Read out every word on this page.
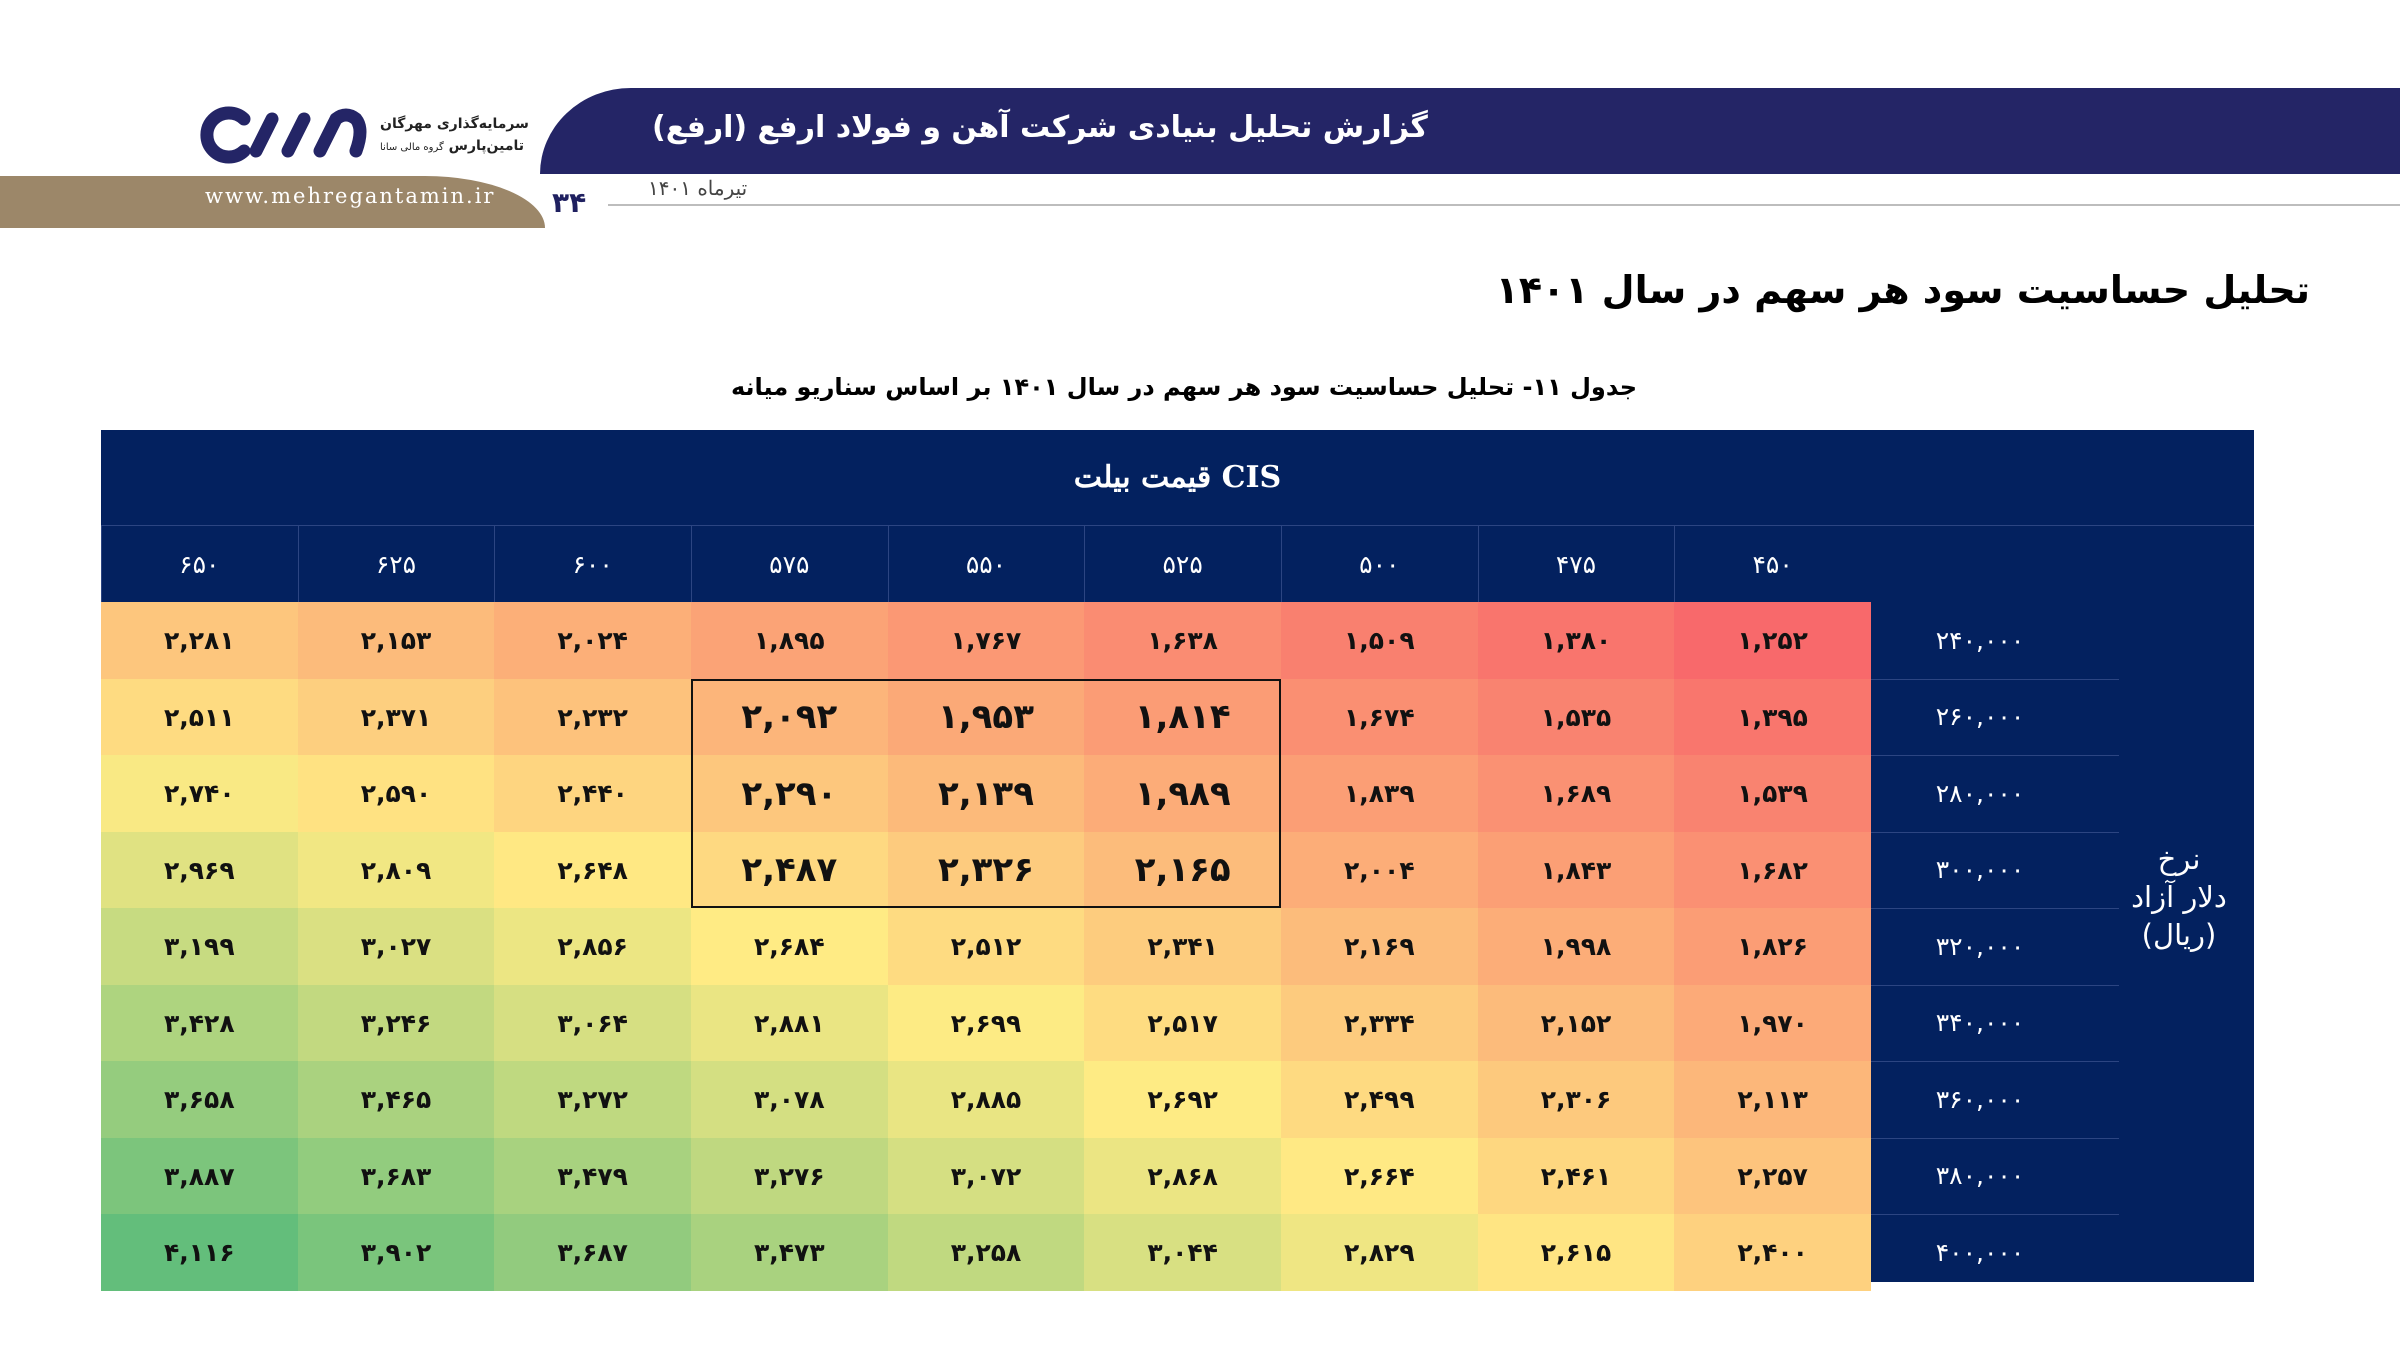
گزارش تحلیل بنیادی شرکت آهن و فولاد ارفع (ارفع)
www.mehregantamin.ir ۳۴	تیرماه ۱۴۰۱
سرمایه‌گذاری مهرگان
تامین‌پارس گروه مالی سانا
تحلیل حساسیت سود هر سهم در سال ۱۴۰۱
جدول ۱۱- تحلیل حساسیت سود هر سهم در سال ۱۴۰۱ بر اساس سناریو میانه
قیمت بیلت CIS
نرخ
دلار آزاد
(ریال)
۴۵۰
۴۷۵
۵۰۰
۵۲۵
۵۵۰
۵۷۵
۶۰۰
۶۲۵
۶۵۰
۲۴۰,۰۰۰
۱,۲۵۲
۱,۳۸۰
۱,۵۰۹
۱,۶۳۸
۱,۷۶۷
۱,۸۹۵
۲,۰۲۴
۲,۱۵۳
۲,۲۸۱
۲۶۰,۰۰۰
۱,۳۹۵
۱,۵۳۵
۱,۶۷۴
۱,۸۱۴
۱,۹۵۳
۲,۰۹۲
۲,۲۳۲
۲,۳۷۱
۲,۵۱۱
۲۸۰,۰۰۰
۱,۵۳۹
۱,۶۸۹
۱,۸۳۹
۱,۹۸۹
۲,۱۳۹
۲,۲۹۰
۲,۴۴۰
۲,۵۹۰
۲,۷۴۰
۳۰۰,۰۰۰
۱,۶۸۲
۱,۸۴۳
۲,۰۰۴
۲,۱۶۵
۲,۳۲۶
۲,۴۸۷
۲,۶۴۸
۲,۸۰۹
۲,۹۶۹
۳۲۰,۰۰۰
۱,۸۲۶
۱,۹۹۸
۲,۱۶۹
۲,۳۴۱
۲,۵۱۲
۲,۶۸۴
۲,۸۵۶
۳,۰۲۷
۳,۱۹۹
۳۴۰,۰۰۰
۱,۹۷۰
۲,۱۵۲
۲,۳۳۴
۲,۵۱۷
۲,۶۹۹
۲,۸۸۱
۳,۰۶۴
۳,۲۴۶
۳,۴۲۸
۳۶۰,۰۰۰
۲,۱۱۳
۲,۳۰۶
۲,۴۹۹
۲,۶۹۲
۲,۸۸۵
۳,۰۷۸
۳,۲۷۲
۳,۴۶۵
۳,۶۵۸
۳۸۰,۰۰۰
۲,۲۵۷
۲,۴۶۱
۲,۶۶۴
۲,۸۶۸
۳,۰۷۲
۳,۲۷۶
۳,۴۷۹
۳,۶۸۳
۳,۸۸۷
۴۰۰,۰۰۰
۲,۴۰۰
۲,۶۱۵
۲,۸۲۹
۳,۰۴۴
۳,۲۵۸
۳,۴۷۳
۳,۶۸۷
۳,۹۰۲
۴,۱۱۶
